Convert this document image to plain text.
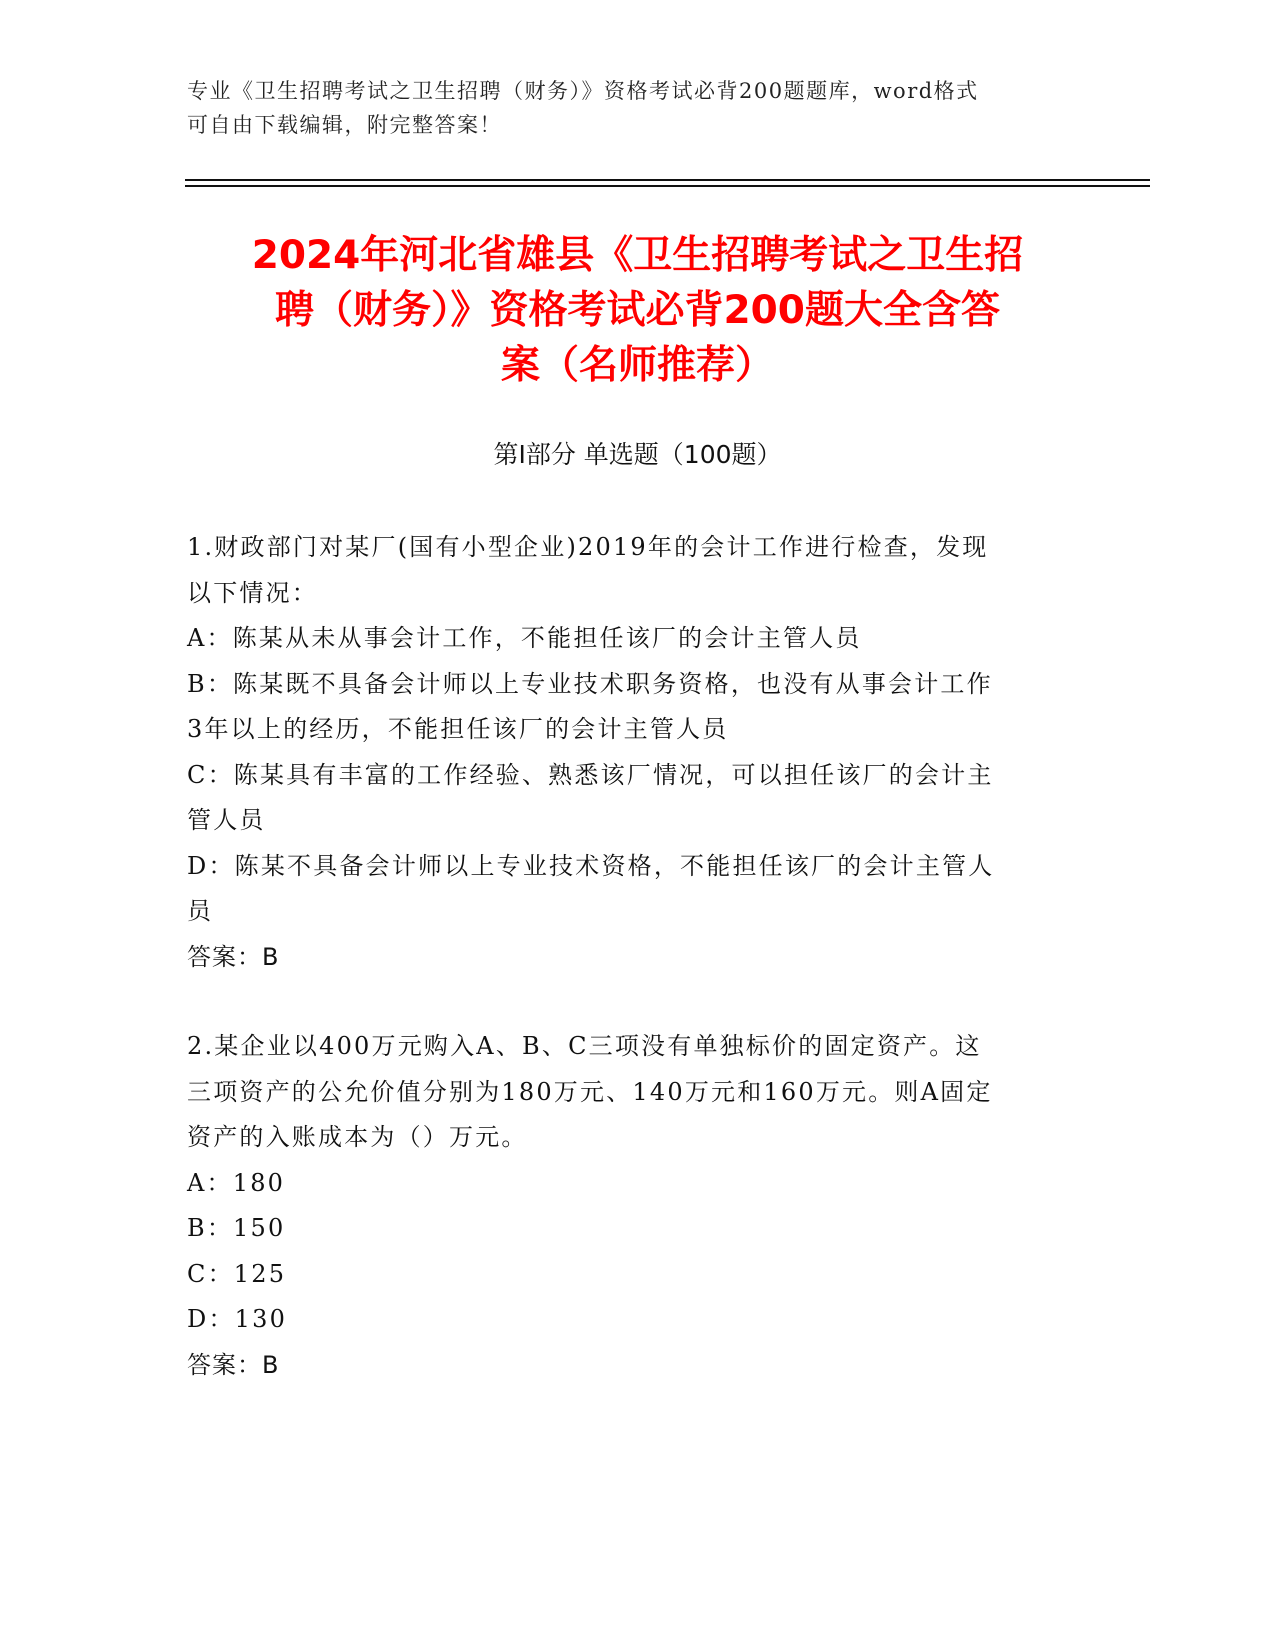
专业《卫生招聘考试之卫生招聘（财务）》资格考试必背200题题库，word格式
可自由下载编辑，附完整答案！
2024年河北省雄县《卫生招聘考试之卫生招
聘（财务）》资格考试必背200题大全含答
案（名师推荐）
第Ⅰ部分 单选题（100题）
1.财政部门对某厂(国有小型企业)2019年的会计工作进行检查，发现
以下情况：
A：陈某从未从事会计工作，不能担任该厂的会计主管人员
B：陈某既不具备会计师以上专业技术职务资格，也没有从事会计工作
3年以上的经历，不能担任该厂的会计主管人员
C：陈某具有丰富的工作经验、熟悉该厂情况，可以担任该厂的会计主
管人员
D：陈某不具备会计师以上专业技术资格，不能担任该厂的会计主管人
员
答案：B
2.某企业以400万元购入A、B、C三项没有单独标价的固定资产。这
三项资产的公允价值分别为180万元、140万元和160万元。则A固定
资产的入账成本为（）万元。
A：180
B：150
C：125
D：130
答案：B
